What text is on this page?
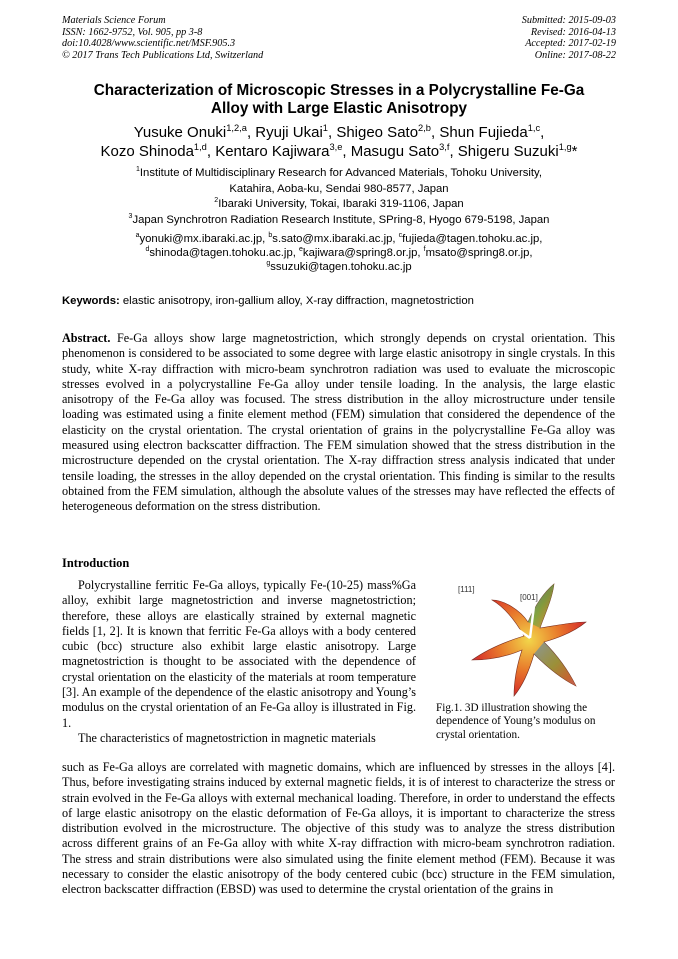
Materials Science Forum
ISSN: 1662-9752, Vol. 905, pp 3-8
doi:10.4028/www.scientific.net/MSF.905.3
© 2017 Trans Tech Publications Ltd, Switzerland
Submitted: 2015-09-03
Revised: 2016-04-13
Accepted: 2017-02-19
Online: 2017-08-22
Characterization of Microscopic Stresses in a Polycrystalline Fe-Ga
Alloy with Large Elastic Anisotropy
Yusuke Onuki$^{1,2,a}$, Ryuji Ukai$^1$, Shigeo Sato$^{2,b}$, Shun Fujieda$^{1,c}$,
Kozo Shinoda$^{1,d}$, Kentaro Kajiwara$^{3,e}$, Masugu Sato$^{3,f}$, Shigeru Suzuki$^{1,g}$*
$^1$Institute of Multidisciplinary Research for Advanced Materials, Tohoku University,
Katahira, Aoba-ku, Sendai 980-8577, Japan
$^2$Ibaraki University, Tokai, Ibaraki 319-1106, Japan
$^3$Japan Synchrotron Radiation Research Institute, SPring-8, Hyogo 679-5198, Japan
$^a$yonuki@mx.ibaraki.ac.jp, $^b$s.sato@mx.ibaraki.ac.jp, $^c$fujieda@tagen.tohoku.ac.jp,
$^d$shinoda@tagen.tohoku.ac.jp, $^e$kajiwara@spring8.or.jp, $^f$msato@spring8.or.jp,
$^g$ssuzuki@tagen.tohoku.ac.jp
Keywords: elastic anisotropy, iron-gallium alloy, X-ray diffraction, magnetostriction
Abstract. Fe-Ga alloys show large magnetostriction, which strongly depends on crystal orientation. This phenomenon is considered to be associated to some degree with large elastic anisotropy in single crystals. In this study, white X-ray diffraction with micro-beam synchrotron radiation was used to evaluate the microscopic stresses evolved in a polycrystalline Fe-Ga alloy under tensile loading. In the analysis, the large elastic anisotropy of the Fe-Ga alloy was focused. The stress distribution in the alloy microstructure under tensile loading was estimated using a finite element method (FEM) simulation that considered the dependence of the elasticity on the crystal orientation. The crystal orientation of grains in the polycrystalline Fe-Ga alloy was measured using electron backscatter diffraction. The FEM simulation showed that the stress distribution in the microstructure depended on the crystal orientation. The X-ray diffraction stress analysis indicated that under tensile loading, the stresses in the alloy depended on the crystal orientation. This finding is similar to the results obtained from the FEM simulation, although the absolute values of the stresses may have reflected the effects of heterogeneous deformation on the stress distribution.
Introduction

Polycrystalline ferritic Fe-Ga alloys, typically Fe-(10-25) mass%Ga alloy, exhibit large magnetostriction and inverse magnetostriction; therefore, these alloys are elastically strained by external magnetic fields [1, 2]. It is known that ferritic Fe-Ga alloys with a body centered cubic (bcc) structure also exhibit large elastic anisotropy. Large magnetostriction is thought to be associated with the dependence of crystal orientation on the elasticity of the materials at room temperature [3]. An example of the dependence of the elastic anisotropy and Young’s modulus on the crystal orientation of an Fe-Ga alloy is illustrated in Fig. 1.

The characteristics of magnetostriction in magnetic materials

[111]
[001]
Fig.1. 3D illustration showing the dependence of Young’s modulus on crystal orientation.
such as Fe-Ga alloys are correlated with magnetic domains, which are influenced by stresses in the alloys [4]. Thus, before investigating strains induced by external magnetic fields, it is of interest to characterize the stress or strain evolved in the Fe-Ga alloys with external mechanical loading. Therefore, in order to understand the effects of large elastic anisotropy on the elastic deformation of Fe-Ga alloys, it is important to characterize the stress distribution evolved in the microstructure. The objective of this study was to analyze the stress distribution across different grains of an Fe-Ga alloy with white X-ray diffraction with micro-beam synchrotron radiation. The stress and strain distributions were also simulated using the finite element method (FEM). Because it was necessary to consider the elastic anisotropy of the body centered cubic (bcc) structure in the FEM simulation, electron backscatter diffraction (EBSD) was used to determine the crystal orientation of the grains in
